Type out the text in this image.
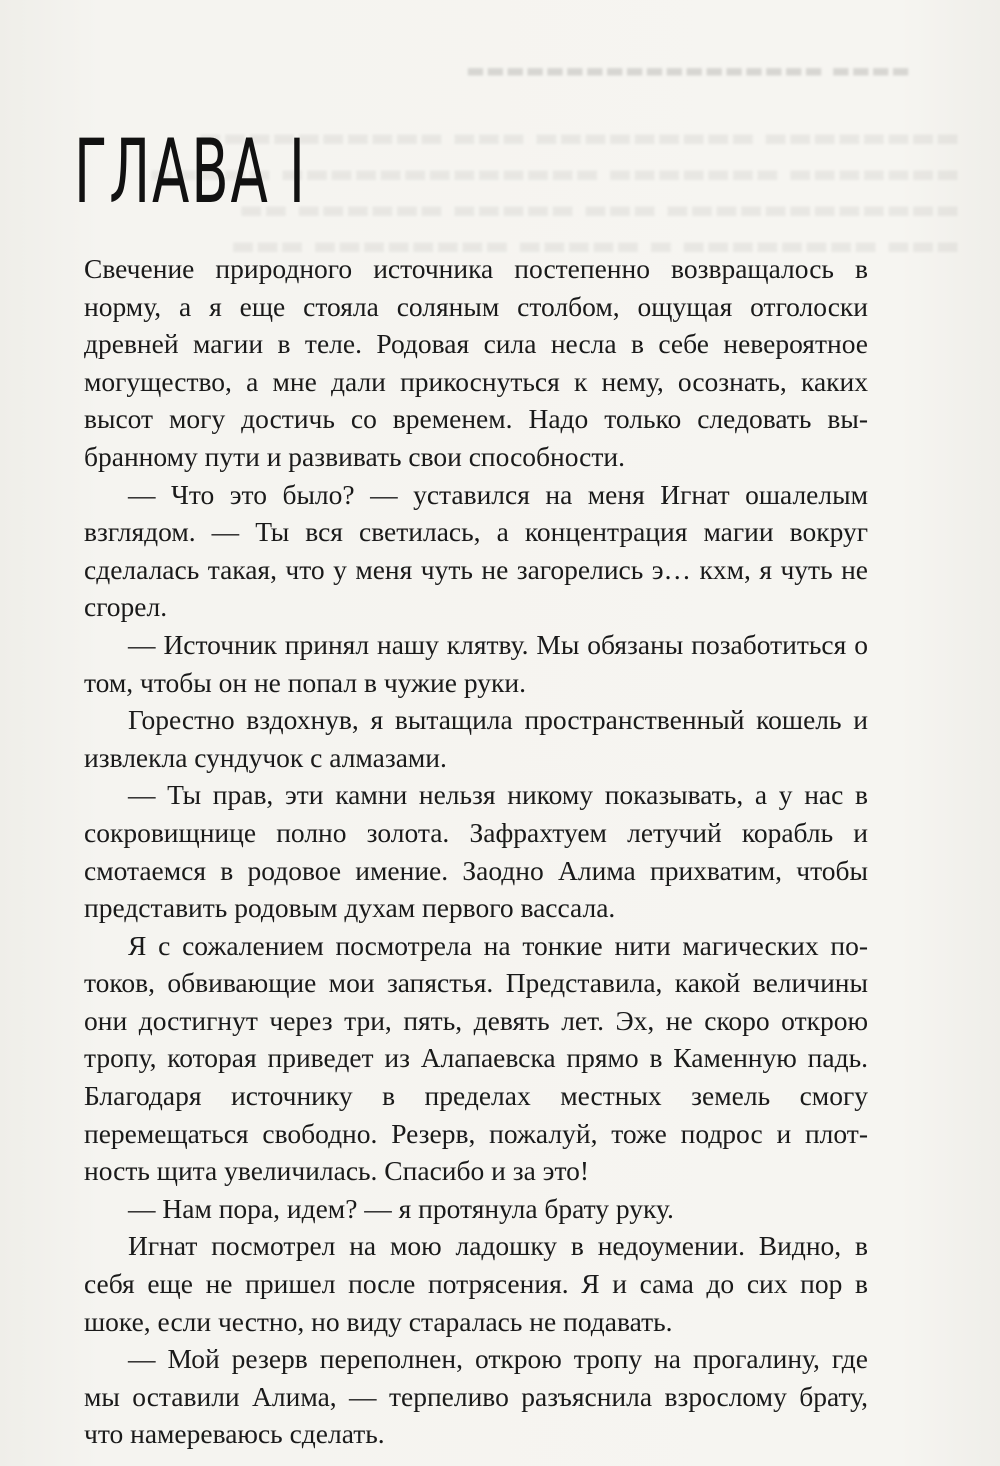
▬▬▬▬ ▬▬▬▬▬▬▬▬▬▬▬▬▬▬▬▬▬▬
▬▬▬▬▬▬▬▬ ▬▬▬▬▬▬▬▬▬ ▬▬▬ ▬▬▬▬▬▬▬▬▬▬
▬▬▬▬▬▬▬ ▬▬▬▬▬▬▬ ▬▬▬▬▬▬▬▬▬▬▬▬▬ ▬▬▬▬▬
▬▬▬▬▬▬▬▬▬▬▬▬ ▬▬▬ ▬▬▬▬▬ ▬▬▬▬▬▬ ▬▬
▬▬▬ ▬▬▬▬▬▬▬▬ ▬ ▬▬▬▬▬ ▬▬▬▬▬▬▬▬ ▬▬▬
ГЛАВА I

Свечение природного источника постепенно возвращалось в норму, а я еще стояла соляным столбом, ощущая отголоски древней магии в теле. Родовая сила несла в себе невероятное могущество, а мне дали прикоснуться к нему, осознать, каких высот могу достичь со временем. Надо только следовать выбранному пути и развивать свои способности.

— Что это было? — уставился на меня Игнат ошалелым взглядом. — Ты вся светилась, а концентрация магии вокруг сделалась такая, что у меня чуть не загорелись э… кхм, я чуть не сгорел.

— Источник принял нашу клятву. Мы обязаны позаботиться о том, чтобы он не попал в чужие руки.

Горестно вздохнув, я вытащила пространственный кошель и извлекла сундучок с алмазами.

— Ты прав, эти камни нельзя никому показывать, а у нас в сокровищнице полно золота. Зафрахтуем летучий корабль и смотаемся в родовое имение. Заодно Алима прихватим, чтобы представить родовым духам первого вассала.

Я с сожалением посмотрела на тонкие нити магических потоков, обвивающие мои запястья. Представила, какой величины они достигнут через три, пять, девять лет. Эх, не скоро открою тропу, которая приведет из Алапаевска прямо в Каменную падь. Благодаря источнику в пределах местных земель смогу перемещаться свободно. Резерв, пожалуй, тоже подрос и плотность щита увеличилась. Спасибо и за это!

— Нам пора, идем? — я протянула брату руку.

Игнат посмотрел на мою ладошку в недоумении. Видно, в себя еще не пришел после потрясения. Я и сама до сих пор в шоке, если честно, но виду старалась не подавать.

— Мой резерв переполнен, открою тропу на прогалину, где мы оставили Алима, — терпеливо разъяснила взрослому брату, что намереваюсь сделать.
